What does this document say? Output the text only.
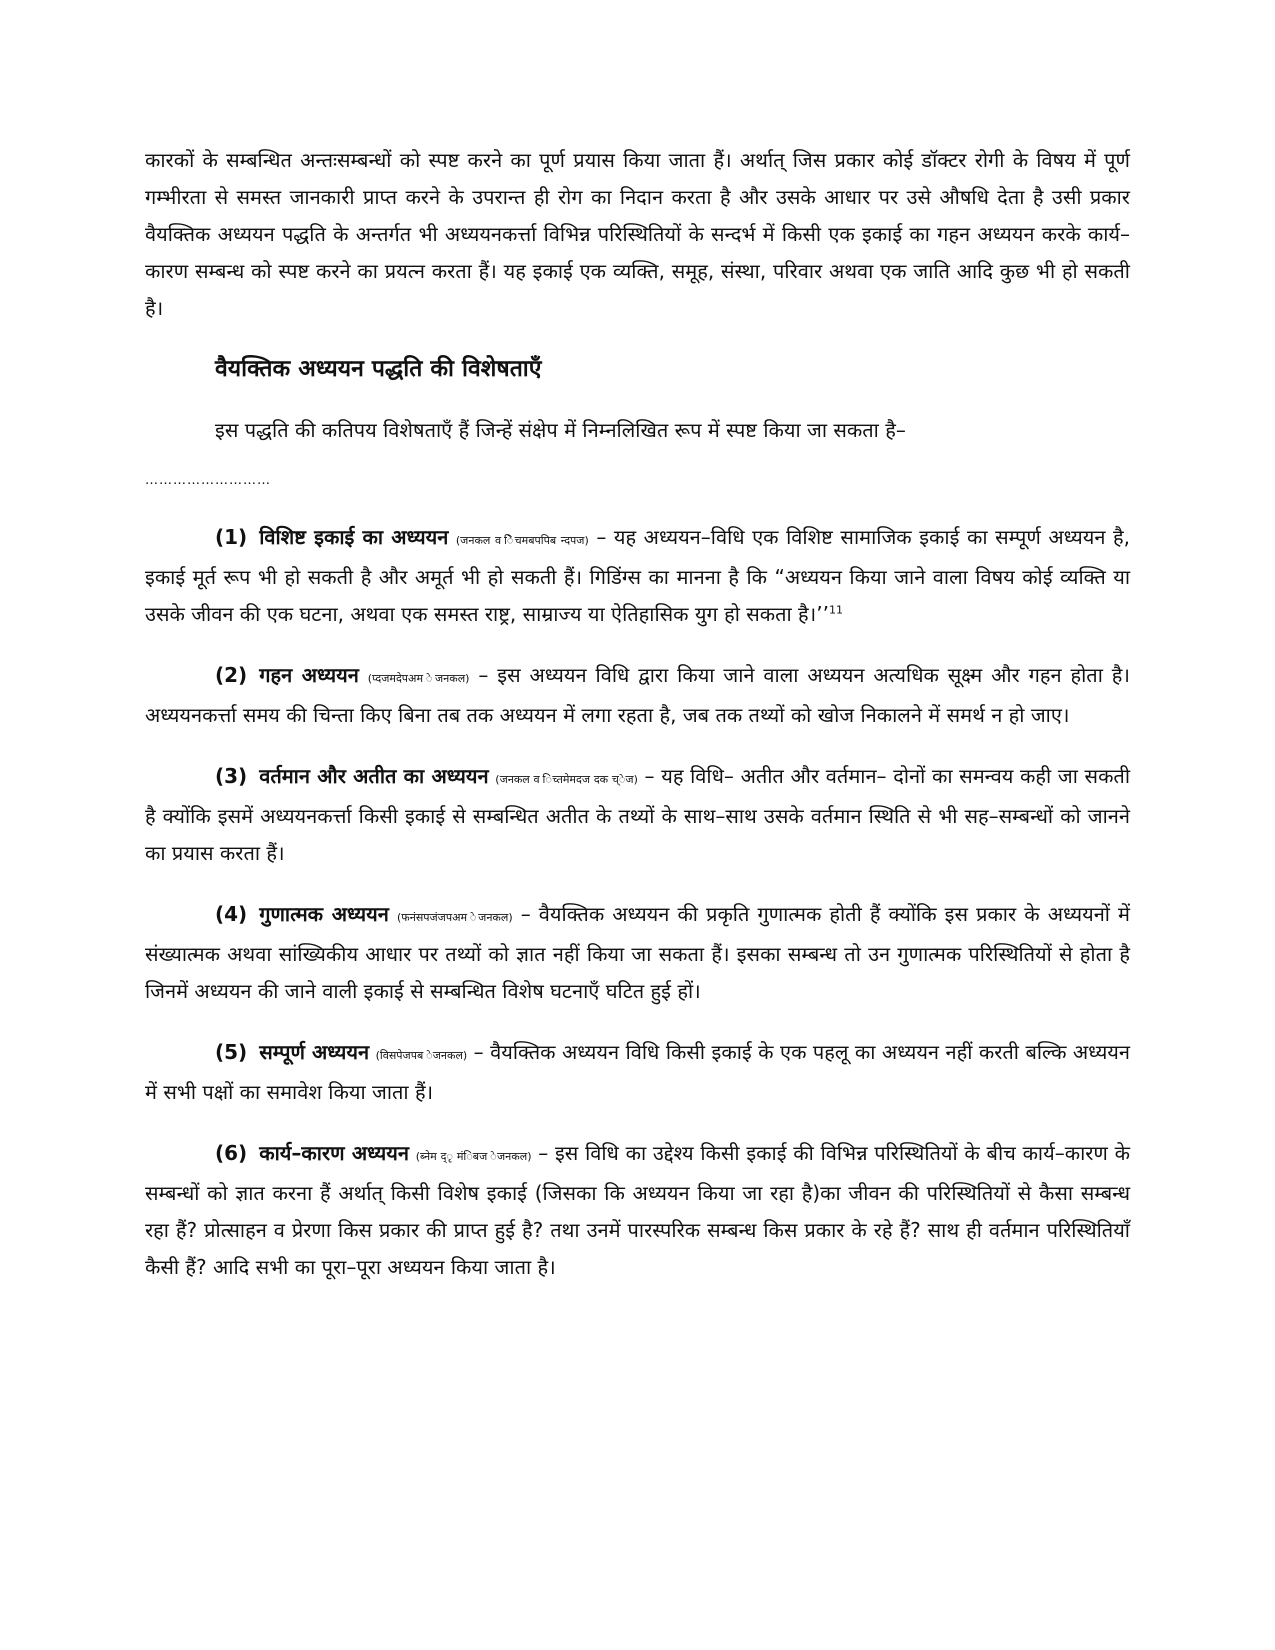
कारकों के सम्बन्धित अन्तःसम्बन्धों को स्पष्ट करने का पूर्ण प्रयास किया जाता हैं। अर्थात् जिस प्रकार कोई डॉक्टर रोगी के विषय में पूर्ण गम्भीरता से समस्त जानकारी प्राप्त करने के उपरान्त ही रोग का निदान करता है और उसके आधार पर उसे औषधि देता है उसी प्रकार वैयक्तिक अध्ययन पद्धति के अन्तर्गत भी अध्ययनकर्त्ता विभिन्न परिस्थितियों के सन्दर्भ में किसी एक इकाई का गहन अध्ययन करके कार्य–कारण सम्बन्ध को स्पष्ट करने का प्रयत्न करता हैं। यह इकाई एक व्यक्ति, समूह, संस्था, परिवार अथवा एक जाति आदि कुछ भी हो सकती है।

वैयक्तिक अध्ययन पद्धति की विशेषताएँ

इस पद्धति की कतिपय विशेषताएँ हैं जिन्हें संक्षेप में निम्नलिखित रूप में स्पष्ट किया जा सकता है–

………………………

(1) विशिष्ट इकाई का अध्ययन (जनकल व िेचमबपपिब न्दपज) – यह अध्ययन–विधि एक विशिष्ट सामाजिक इकाई का सम्पूर्ण अध्ययन है, इकाई मूर्त रूप भी हो सकती है और अमूर्त भी हो सकती हैं। गिडिंग्स का मानना है कि “अध्ययन किया जाने वाला विषय कोई व्यक्ति या उसके जीवन की एक घटना, अथवा एक समस्त राष्ट्र, साम्राज्य या ऐतिहासिक युग हो सकता है।’’$^{11}$

(2) गहन अध्ययन (प्दजमदेपअम ेजनकल) – इस अध्ययन विधि द्वारा किया जाने वाला अध्ययन अत्यधिक सूक्ष्म और गहन होता है। अध्ययनकर्त्ता समय की चिन्ता किए बिना तब तक अध्ययन में लगा रहता है, जब तक तथ्यों को खोज निकालने में समर्थ न हो जाए।

(3) वर्तमान और अतीत का अध्ययन (जनकल व िच्तमेमदज दक च्ेज) – यह विधि– अतीत और वर्तमान– दोनों का समन्वय कही जा सकती है क्योंकि इसमें अध्ययनकर्त्ता किसी इकाई से सम्बन्धित अतीत के तथ्यों के साथ–साथ उसके वर्तमान स्थिति से भी सह–सम्बन्धों को जानने का प्रयास करता हैं।

(4) गुणात्मक अध्ययन (फनंसपजंजपअम ेजनकल) – वैयक्तिक अध्ययन की प्रकृति गुणात्मक होती हैं क्योंकि इस प्रकार के अध्ययनों में संख्यात्मक अथवा सांख्यिकीय आधार पर तथ्यों को ज्ञात नहीं किया जा सकता हैं। इसका सम्बन्ध तो उन गुणात्मक परिस्थितियों से होता है जिनमें अध्ययन की जाने वाली इकाई से सम्बन्धित विशेष घटनाएँ घटित हुई हों।

(5) सम्पूर्ण अध्ययन (विसपेजपब ेजनकल) – वैयक्तिक अध्ययन विधि किसी इकाई के एक पहलू का अध्ययन नहीं करती बल्कि अध्ययन में सभी पक्षों का समावेश किया जाता हैं।

(6) कार्य–कारण अध्ययन (ब्नेम द्ृ मंिबज ेजनकल) – इस विधि का उद्देश्य किसी इकाई की विभिन्न परिस्थितियों के बीच कार्य–कारण के सम्बन्धों को ज्ञात करना हैं अर्थात् किसी विशेष इकाई (जिसका कि अध्ययन किया जा रहा है)का जीवन की परिस्थितियों से कैसा सम्बन्ध रहा हैं? प्रोत्साहन व प्रेरणा किस प्रकार की प्राप्त हुई है? तथा उनमें पारस्परिक सम्बन्ध किस प्रकार के रहे हैं? साथ ही वर्तमान परिस्थितियाँ कैसी हैं? आदि सभी का पूरा–पूरा अध्ययन किया जाता है।
